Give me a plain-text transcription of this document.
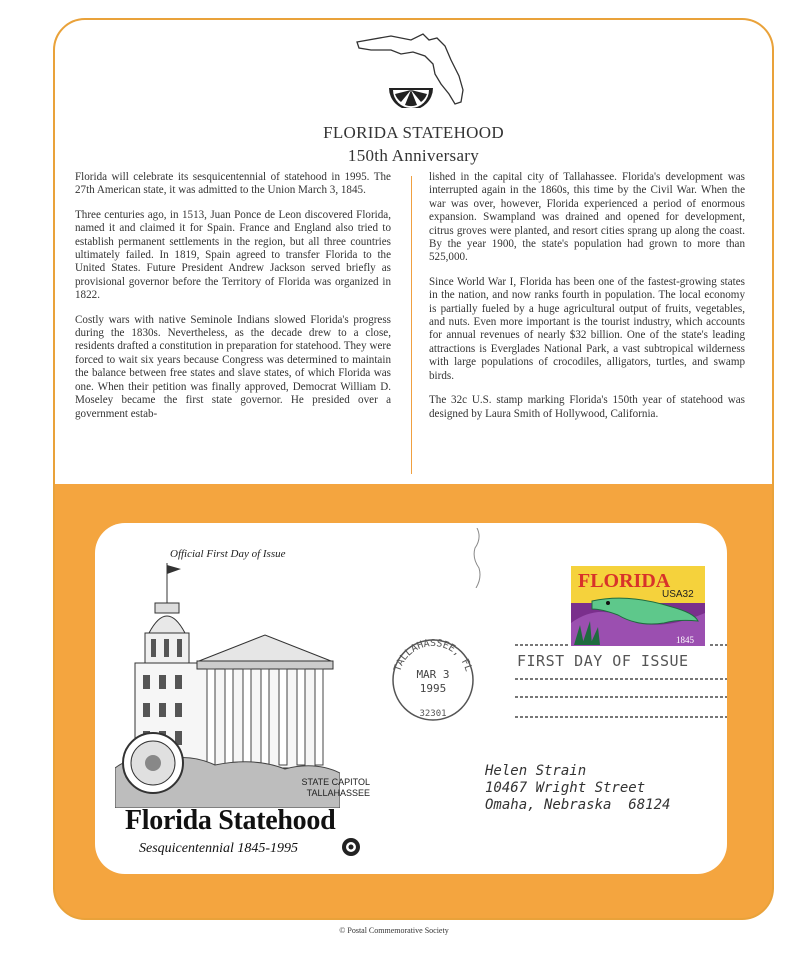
FLORIDA STATEHOOD
150th Anniversary

Florida will celebrate its sesquicentennial of statehood in 1995. The 27th American state, it was admitted to the Union March 3, 1845.

Three centuries ago, in 1513, Juan Ponce de Leon discovered Florida, named it and claimed it for Spain. France and England also tried to establish permanent settlements in the region, but all three countries ultimately failed. In 1819, Spain agreed to transfer Florida to the United States. Future President Andrew Jackson served briefly as provisional governor before the Territory of Florida was organized in 1822.

Costly wars with native Seminole Indians slowed Florida's progress during the 1830s. Nevertheless, as the decade drew to a close, residents drafted a constitution in preparation for statehood. They were forced to wait six years because Congress was determined to maintain the balance between free states and slave states, of which Florida was one. When their petition was finally approved, Democrat William D. Moseley became the first state governor. He presided over a government estab-

lished in the capital city of Tallahassee. Florida's development was interrupted again in the 1860s, this time by the Civil War. When the war was over, however, Florida experienced a period of enormous expansion. Swampland was drained and opened for development, citrus groves were planted, and resort cities sprang up along the coast. By the year 1900, the state's population had grown to more than 525,000.

Since World War I, Florida has been one of the fastest-growing states in the nation, and now ranks fourth in population. The local economy is partially fueled by a huge agricultural output of fruits, vegetables, and nuts. Even more important is the tourist industry, which accounts for annual revenues of nearly $32 billion. One of the state's leading attractions is Everglades National Park, a vast subtropical wilderness with large populations of crocodiles, alligators, turtles, and swamp birds.

The 32c U.S. stamp marking Florida's 150th year of statehood was designed by Laura Smith of Hollywood, California.

Official First Day of Issue
STATE CAPITOL
TALLAHASSEE
Florida Statehood
Sesquicentennial 1845-1995
TALLAHASSEE, FL
MAR 3
1995
32301
FIRST DAY OF ISSUE
FLORIDA
USA32
1845
Helen Strain
10467 Wright Street
Omaha, Nebraska  68124
© Postal Commemorative Society
